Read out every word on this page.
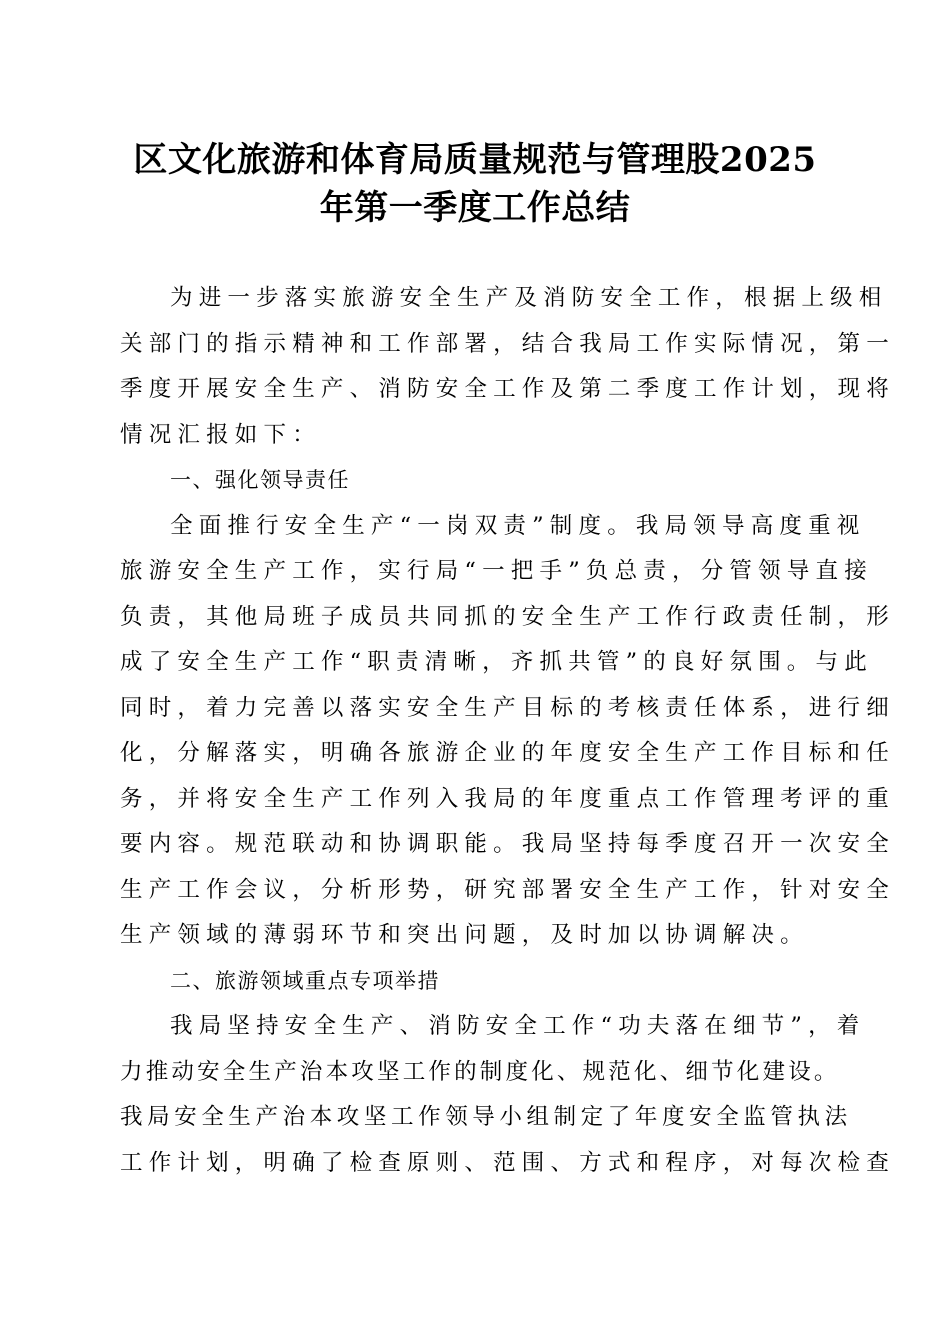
区文化旅游和体育局质量规范与管理股2025
年第一季度工作总结
为进一步落实旅游安全生产及消防安全工作，根据上级相
关部门的指示精神和工作部署，结合我局工作实际情况，第一
季度开展安全生产、消防安全工作及第二季度工作计划，现将
情况汇报如下：
一、强化领导责任
全面推行安全生产“一岗双责”制度。我局领导高度重视
旅游安全生产工作，实行局“一把手”负总责，分管领导直接
负责，其他局班子成员共同抓的安全生产工作行政责任制，形
成了安全生产工作“职责清晰，齐抓共管”的良好氛围。与此
同时，着力完善以落实安全生产目标的考核责任体系，进行细
化，分解落实，明确各旅游企业的年度安全生产工作目标和任
务，并将安全生产工作列入我局的年度重点工作管理考评的重
要内容。规范联动和协调职能。我局坚持每季度召开一次安全
生产工作会议，分析形势，研究部署安全生产工作，针对安全
生产领域的薄弱环节和突出问题，及时加以协调解决。
二、旅游领域重点专项举措
我局坚持安全生产、消防安全工作“功夫落在细节”，着
力推动安全生产治本攻坚工作的制度化、规范化、细节化建设。
我局安全生产治本攻坚工作领导小组制定了年度安全监管执法
工作计划，明确了检查原则、范围、方式和程序，对每次检查
